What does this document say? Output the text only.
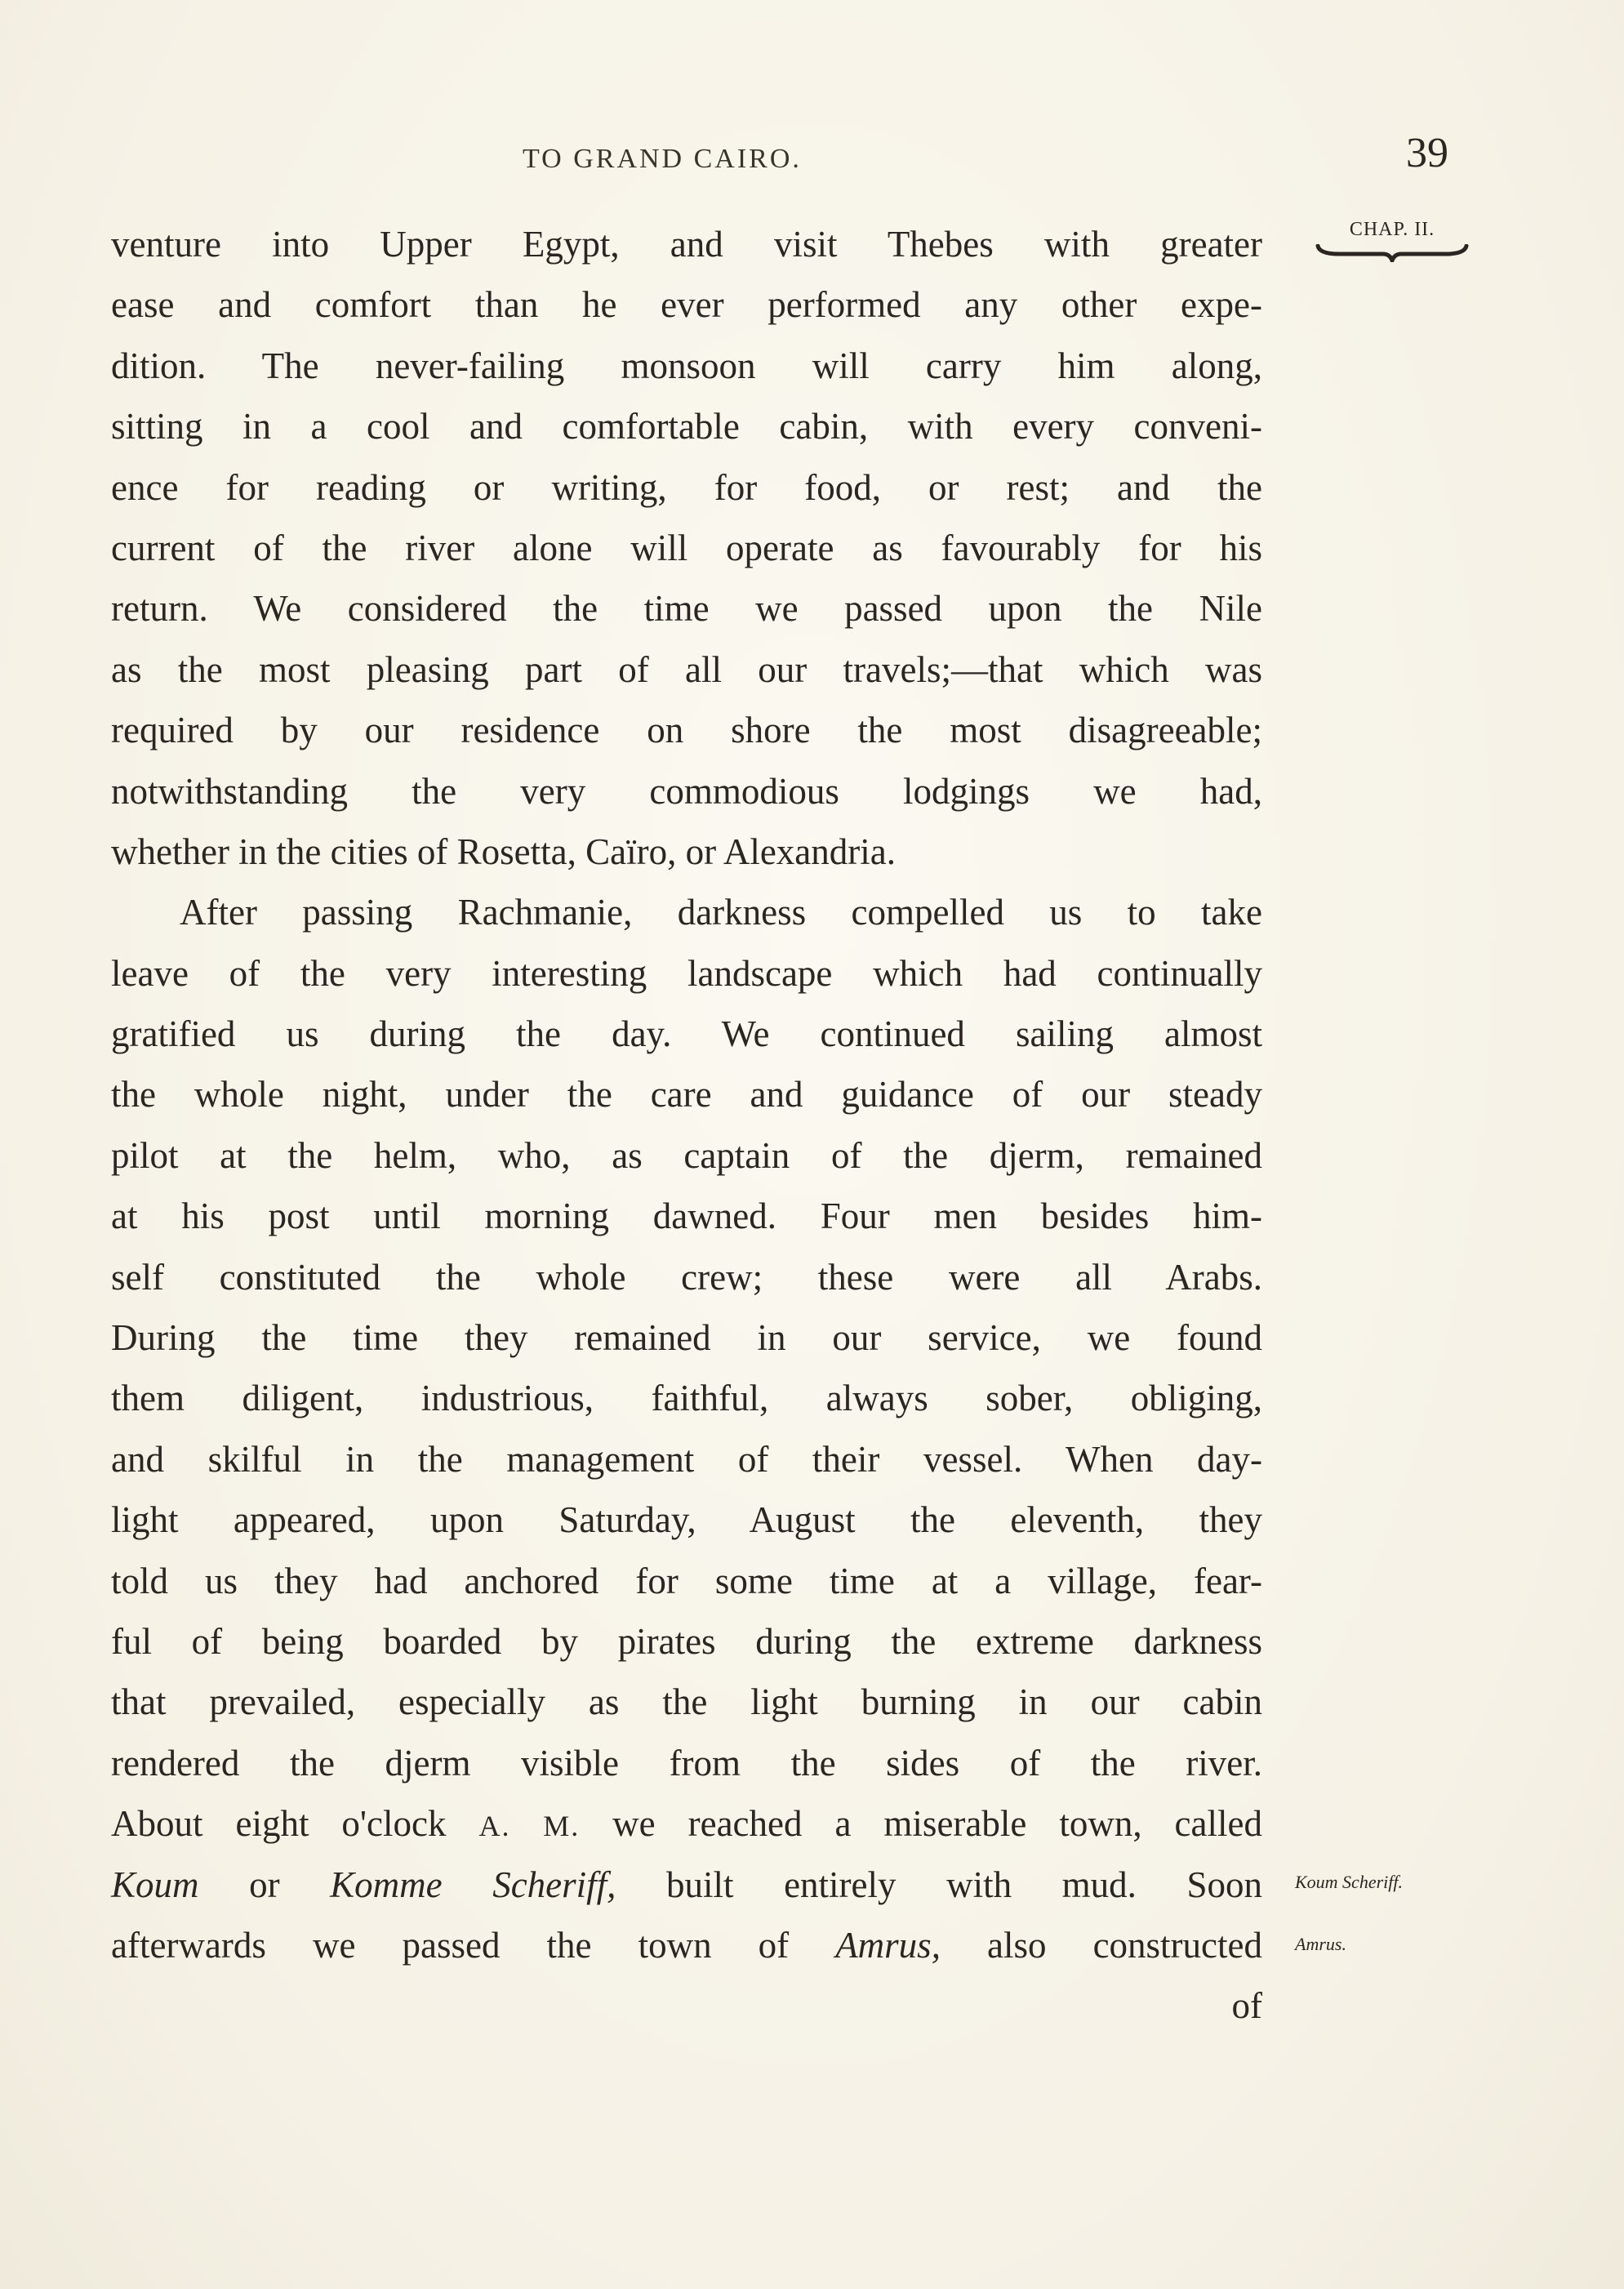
TO GRAND CAIRO.	39
CHAP. II.
venture into Upper Egypt, and visit Thebes with greater
ease and comfort than he ever performed any other expe-
dition. The never-failing monsoon will carry him along,
sitting in a cool and comfortable cabin, with every conveni-
ence for reading or writing, for food, or rest; and the
current of the river alone will operate as favourably for his
return. We considered the time we passed upon the Nile
as the most pleasing part of all our travels;—that which was
required by our residence on shore the most disagreeable;
notwithstanding the very commodious lodgings we had,
whether in the cities of Rosetta, Caïro, or Alexandria.
After passing Rachmanie, darkness compelled us to take
leave of the very interesting landscape which had continually
gratified us during the day. We continued sailing almost
the whole night, under the care and guidance of our steady
pilot at the helm, who, as captain of the djerm, remained
at his post until morning dawned. Four men besides him-
self constituted the whole crew; these were all Arabs.
During the time they remained in our service, we found
them diligent, industrious, faithful, always sober, obliging,
and skilful in the management of their vessel. When day-
light appeared, upon Saturday, August the eleventh, they
told us they had anchored for some time at a village, fear-
ful of being boarded by pirates during the extreme darkness
that prevailed, especially as the light burning in our cabin
rendered the djerm visible from the sides of the river.
About eight o'clock A. M. we reached a miserable town, called
Koum or Komme Scheriff, built entirely with mud. Soon
afterwards we passed the town of Amrus, also constructed
of
Koum Scheriff.
Amrus.
